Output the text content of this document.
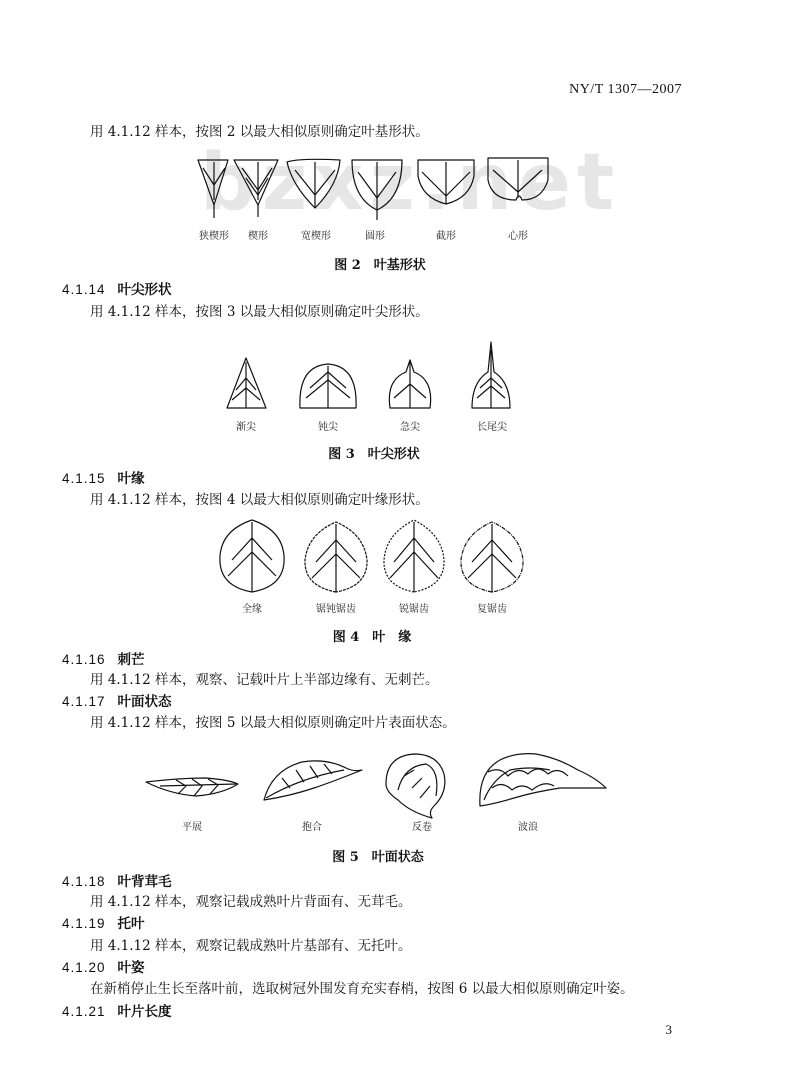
NY/T 1307—2007
bzxz.net
用 4.1.12 样本，按图 2 以最大相似原则确定叶基形状。
狭楔形 楔形	宽楔形	圆形	截形	心形
图 2　叶基形状
4.1.14 叶尖形状
用 4.1.12 样本，按图 3 以最大相似原则确定叶尖形状。
渐尖	钝尖	急尖	长尾尖
图 3　叶尖形状
4.1.15 叶缘
用 4.1.12 样本，按图 4 以最大相似原则确定叶缘形状。
全缘	锯钝锯齿	锐锯齿	复锯齿
图 4　叶　缘
4.1.16 刺芒
用 4.1.12 样本，观察、记载叶片上半部边缘有、无刺芒。
4.1.17 叶面状态
用 4.1.12 样本，按图 5 以最大相似原则确定叶片表面状态。
平展	抱合	反卷	波浪
图 5　叶面状态
4.1.18 叶背茸毛
用 4.1.12 样本，观察记载成熟叶片背面有、无茸毛。
4.1.19 托叶
用 4.1.12 样本，观察记载成熟叶片基部有、无托叶。
4.1.20 叶姿
在新梢停止生长至落叶前，选取树冠外围发育充实春梢，按图 6 以最大相似原则确定叶姿。
4.1.21 叶片长度
3
